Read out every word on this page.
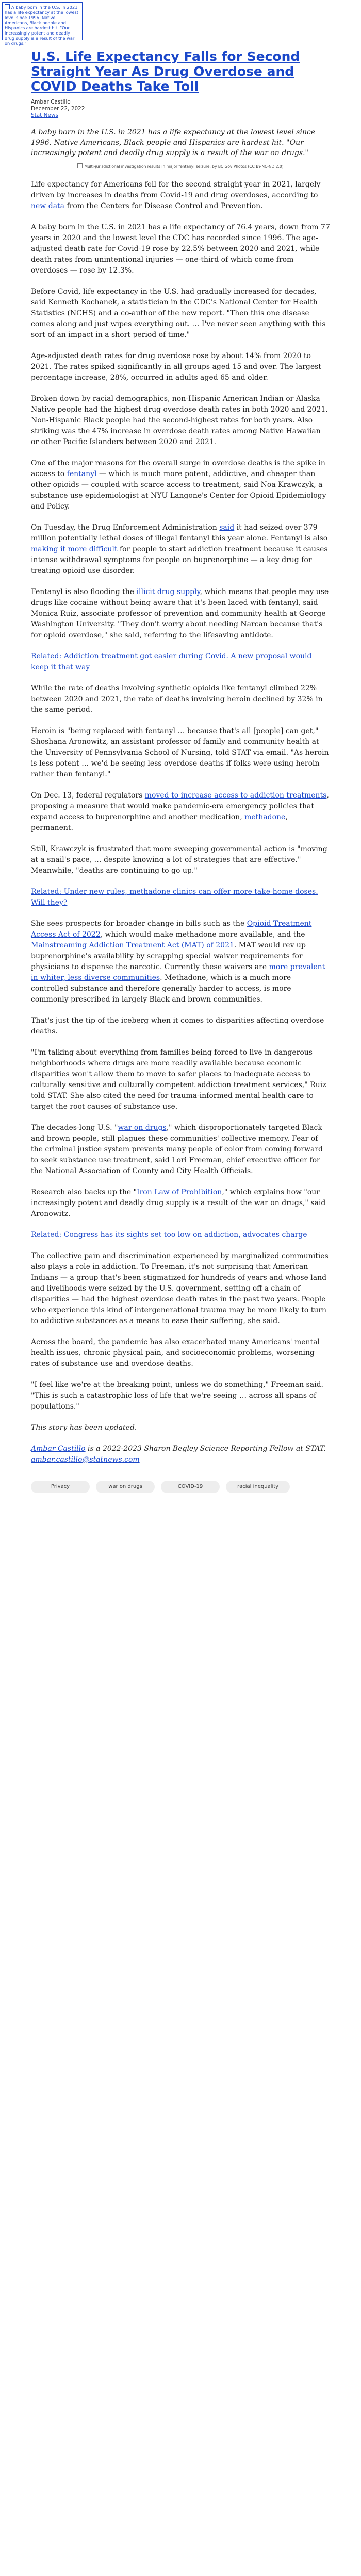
A baby born in the U.S. in 2021 has a life expectancy at the lowest level since 1996. Native Americans, Black people and Hispanics are hardest hit. "Our increasingly potent and deadly drug supply is a result of the war on drugs."
U.S. Life Expectancy Falls for Second Straight Year As Drug Overdose and COVID Deaths Take Toll
Ambar Castillo
December 22, 2022
Stat News
A baby born in the U.S. in 2021 has a life expectancy at the lowest level since 1996. Native Americans, Black people and Hispanics are hardest hit. "Our increasingly potent and deadly drug supply is a result of the war on drugs."
Multi-jurisdictional investigation results in major fentanyl seizure. by BC Gov Photos (CC BY-NC-ND 2.0)

Life expectancy for Americans fell for the second straight year in 2021, largely driven by increases in deaths from Covid-19 and drug overdoses, according to new data from the Centers for Disease Control and Prevention.

A baby born in the U.S. in 2021 has a life expectancy of 76.4 years, down from 77 years in 2020 and the lowest level the CDC has recorded since 1996. The age-adjusted death rate for Covid-19 rose by 22.5% between 2020 and 2021, while death rates from unintentional injuries — one-third of which come from overdoses — rose by 12.3%.

Before Covid, life expectancy in the U.S. had gradually increased for decades, said Kenneth Kochanek, a statistician in the CDC's National Center for Health Statistics (NCHS) and a co-author of the new report. "Then this one disease comes along and just wipes everything out. … I've never seen anything with this sort of an impact in a short period of time."

Age-adjusted death rates for drug overdose rose by about 14% from 2020 to 2021. The rates spiked significantly in all groups aged 15 and over. The largest percentage increase, 28%, occurred in adults aged 65 and older.

Broken down by racial demographics, non-Hispanic American Indian or Alaska Native people had the highest drug overdose death rates in both 2020 and 2021. Non-Hispanic Black people had the second-highest rates for both years. Also striking was the 47% increase in overdose death rates among Native Hawaiian or other Pacific Islanders between 2020 and 2021.

One of the major reasons for the overall surge in overdose deaths is the spike in access to fentanyl — which is much more potent, addictive, and cheaper than other opioids — coupled with scarce access to treatment, said Noa Krawczyk, a substance use epidemiologist at NYU Langone's Center for Opioid Epidemiology and Policy.

On Tuesday, the Drug Enforcement Administration said it had seized over 379 million potentially lethal doses of illegal fentanyl this year alone. Fentanyl is also making it more difficult for people to start addiction treatment because it causes intense withdrawal symptoms for people on buprenorphine — a key drug for treating opioid use disorder.

Fentanyl is also flooding the illicit drug supply, which means that people may use drugs like cocaine without being aware that it's been laced with fentanyl, said Monica Ruiz, associate professor of prevention and community health at George Washington University. "They don't worry about needing Narcan because that's for opioid overdose," she said, referring to the lifesaving antidote.

Related: Addiction treatment got easier during Covid. A new proposal would keep it that way

While the rate of deaths involving synthetic opioids like fentanyl climbed 22% between 2020 and 2021, the rate of deaths involving heroin declined by 32% in the same period.

Heroin is "being replaced with fentanyl … because that's all [people] can get," Shoshana Aronowitz, an assistant professor of family and community health at the University of Pennsylvania School of Nursing, told STAT via email. "As heroin is less potent … we'd be seeing less overdose deaths if folks were using heroin rather than fentanyl."

On Dec. 13, federal regulators moved to increase access to addiction treatments, proposing a measure that would make pandemic-era emergency policies that expand access to buprenorphine and another medication, methadone, permanent.

Still, Krawczyk is frustrated that more sweeping governmental action is "moving at a snail's pace, … despite knowing a lot of strategies that are effective." Meanwhile, "deaths are continuing to go up."

Related: Under new rules, methadone clinics can offer more take-home doses. Will they?

She sees prospects for broader change in bills such as the Opioid Treatment Access Act of 2022, which would make methadone more available, and the Mainstreaming Addiction Treatment Act (MAT) of 2021. MAT would rev up buprenorphine's availability by scrapping special waiver requirements for physicians to dispense the narcotic. Currently these waivers are more prevalent in whiter, less diverse communities. Methadone, which is a much more controlled substance and therefore generally harder to access, is more commonly prescribed in largely Black and brown communities.

That's just the tip of the iceberg when it comes to disparities affecting overdose deaths.

"I'm talking about everything from families being forced to live in dangerous neighborhoods where drugs are more readily available because economic disparities won't allow them to move to safer places to inadequate access to culturally sensitive and culturally competent addiction treatment services," Ruiz told STAT. She also cited the need for trauma-informed mental health care to target the root causes of substance use.

The decades-long U.S. "war on drugs," which disproportionately targeted Black and brown people, still plagues these communities' collective memory. Fear of the criminal justice system prevents many people of color from coming forward to seek substance use treatment, said Lori Freeman, chief executive officer for the National Association of County and City Health Officials.

Research also backs up the "Iron Law of Prohibition," which explains how "our increasingly potent and deadly drug supply is a result of the war on drugs," said Aronowitz.

Related: Congress has its sights set too low on addiction, advocates charge

The collective pain and discrimination experienced by marginalized communities also plays a role in addiction. To Freeman, it's not surprising that American Indians — a group that's been stigmatized for hundreds of years and whose land and livelihoods were seized by the U.S. government, setting off a chain of disparities — had the highest overdose death rates in the past two years. People who experience this kind of intergenerational trauma may be more likely to turn to addictive substances as a means to ease their suffering, she said.

Across the board, the pandemic has also exacerbated many Americans' mental health issues, chronic physical pain, and socioeconomic problems, worsening rates of substance use and overdose deaths.

"I feel like we're at the breaking point, unless we do something," Freeman said. "This is such a catastrophic loss of life that we're seeing … across all spans of populations."

This story has been updated.

Ambar Castillo is a 2022-2023 Sharon Begley Science Reporting Fellow at STAT. ambar.castillo@statnews.com

Privacy	war on drugs	COVID-19	racial inequality
